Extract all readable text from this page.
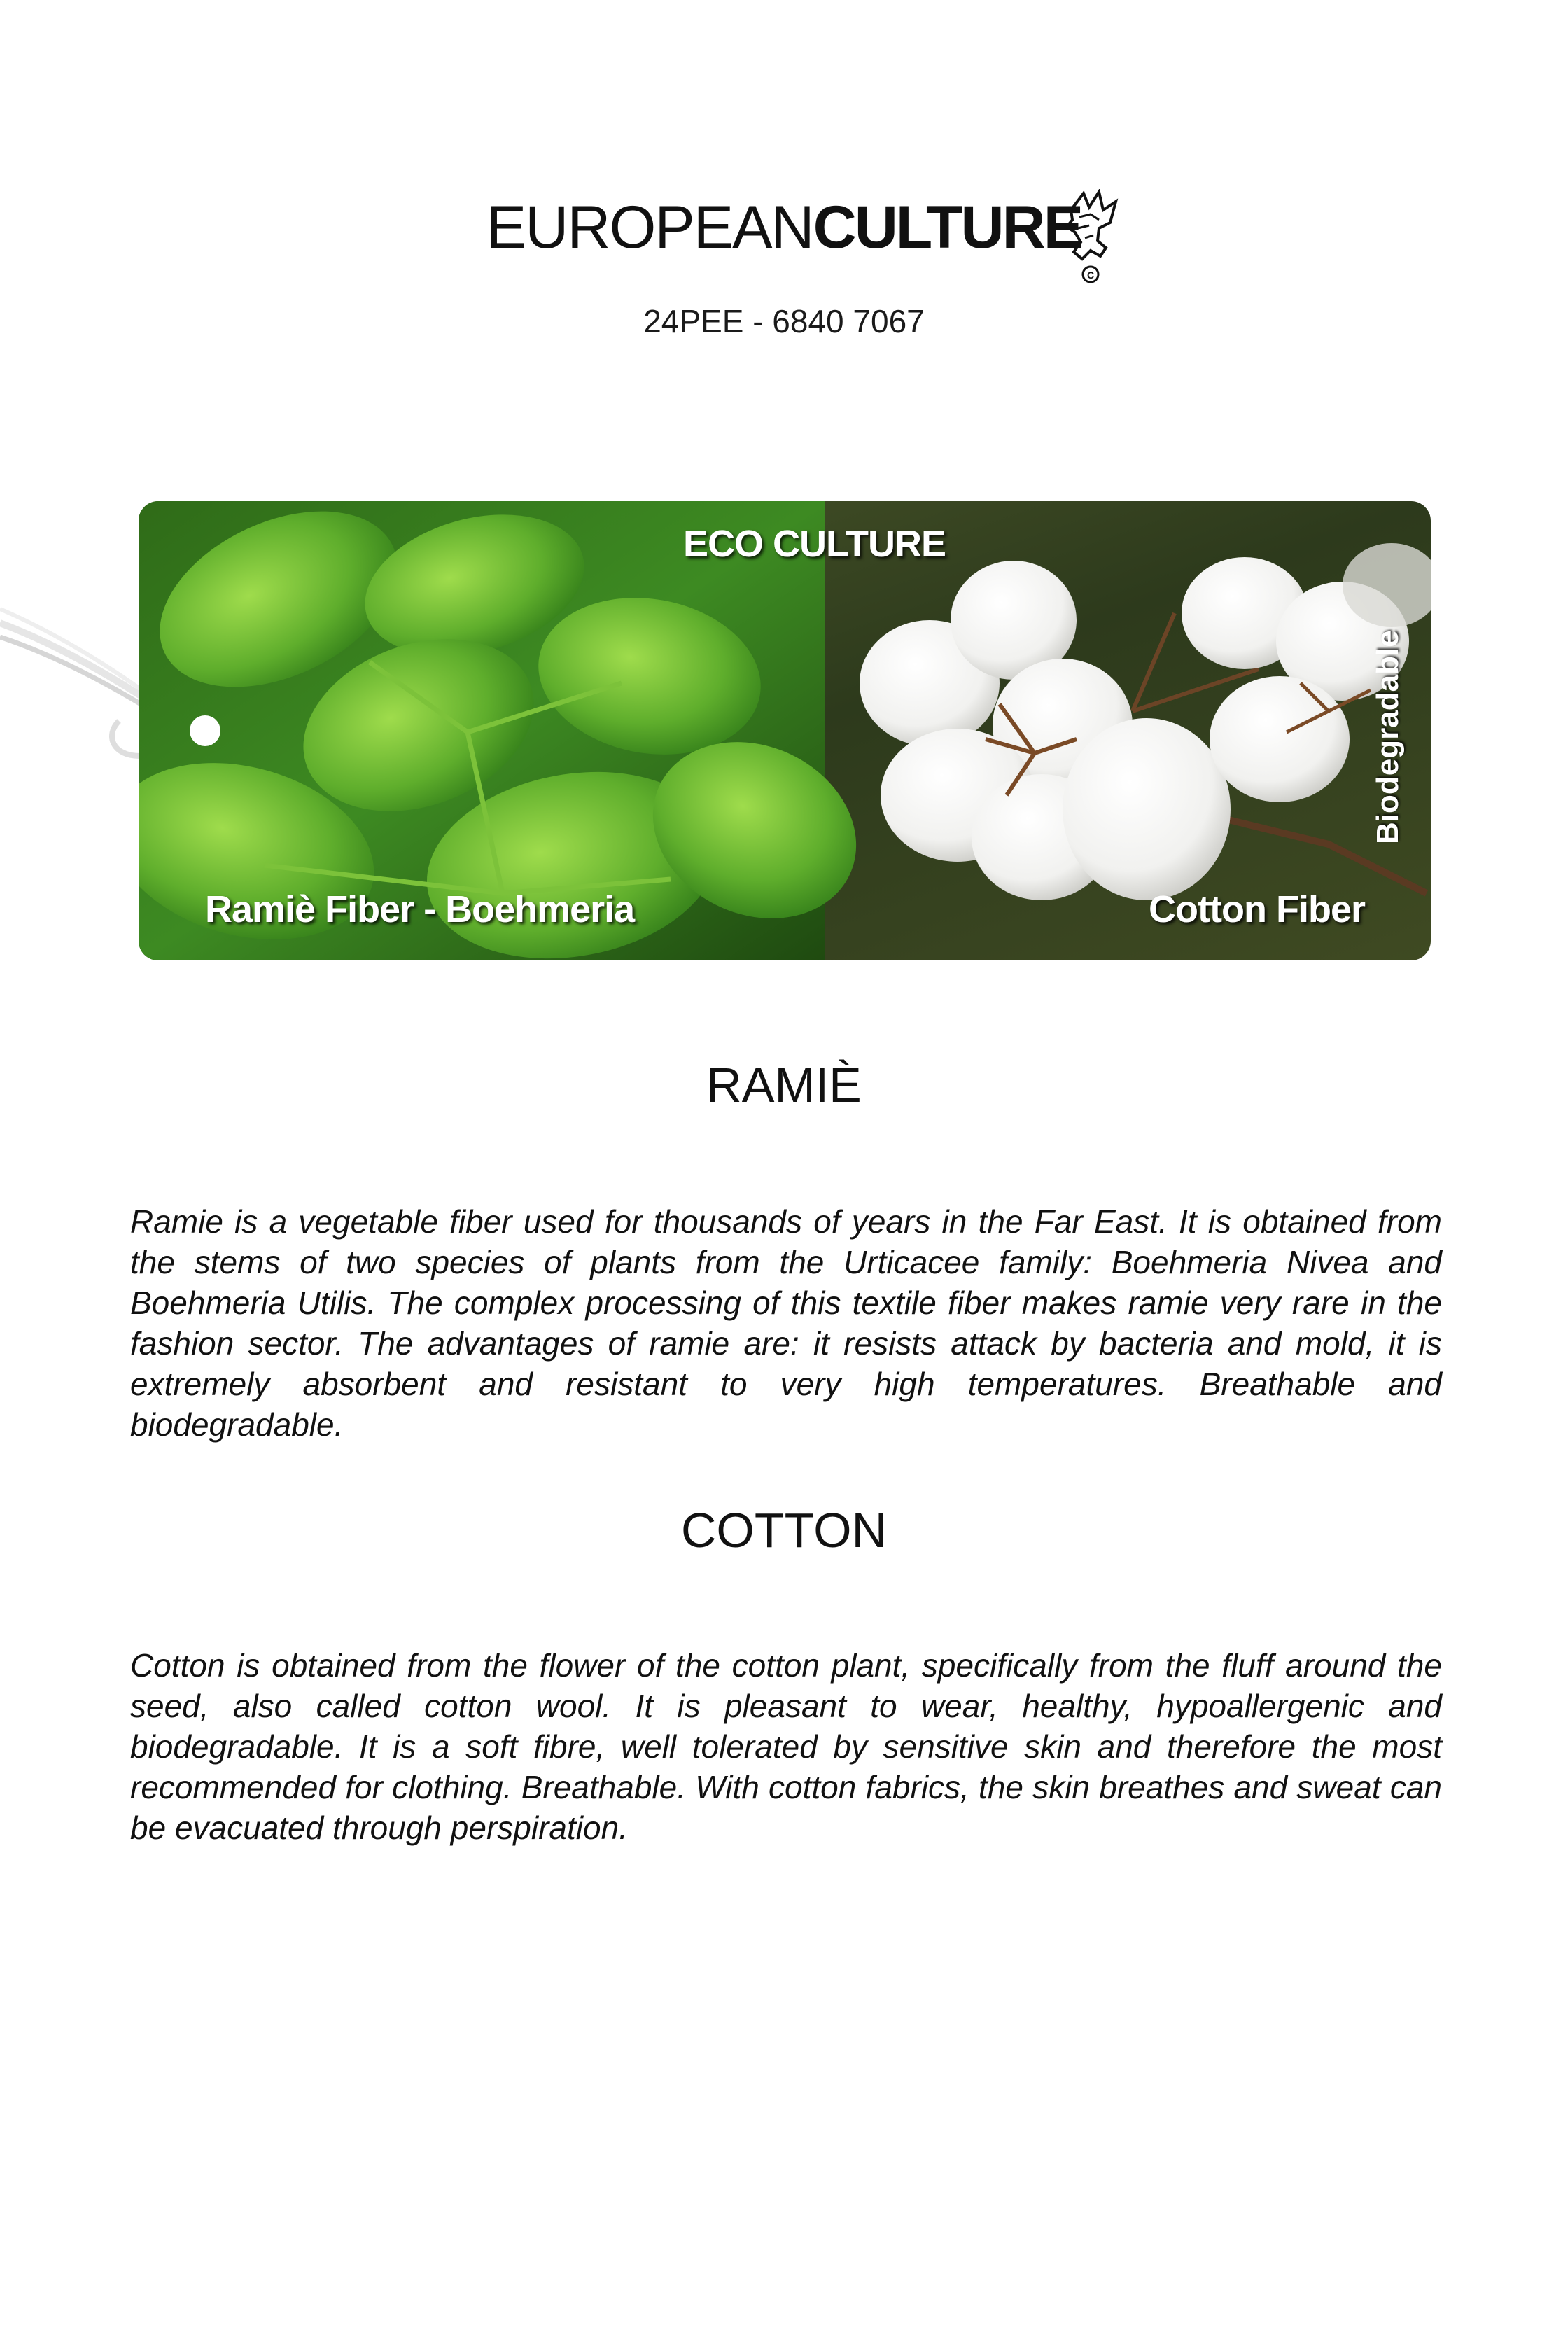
EUROPEANCULTURE
C
24PEE - 6840 7067
ECO CULTURE
Ramiè Fiber - Boehmeria	Cotton Fiber
Biodegradable
RAMIÈ
Ramie is a vegetable fiber used for thousands of years in the Far East. It is obtained from the stems of two species of plants from the Urticacee family: Boehmeria Nivea and Boehmeria Utilis. The complex processing of this textile fiber makes ramie very rare in the fashion sector. The advantages of ramie are: it resists attack by bacteria and mold, it is extremely absorbent and resistant to very high temperatures. Breathable and biodegradable.
COTTON
Cotton is obtained from the flower of the cotton plant, specifically from the fluff around the seed, also called cotton wool. It is pleasant to wear, healthy, hypoallergenic and biodegradable. It is a soft fibre, well tolerated by sensitive skin and therefore the most recommended for clothing. Breathable. With cotton fabrics, the skin breathes and sweat can be evacuated through perspiration.
